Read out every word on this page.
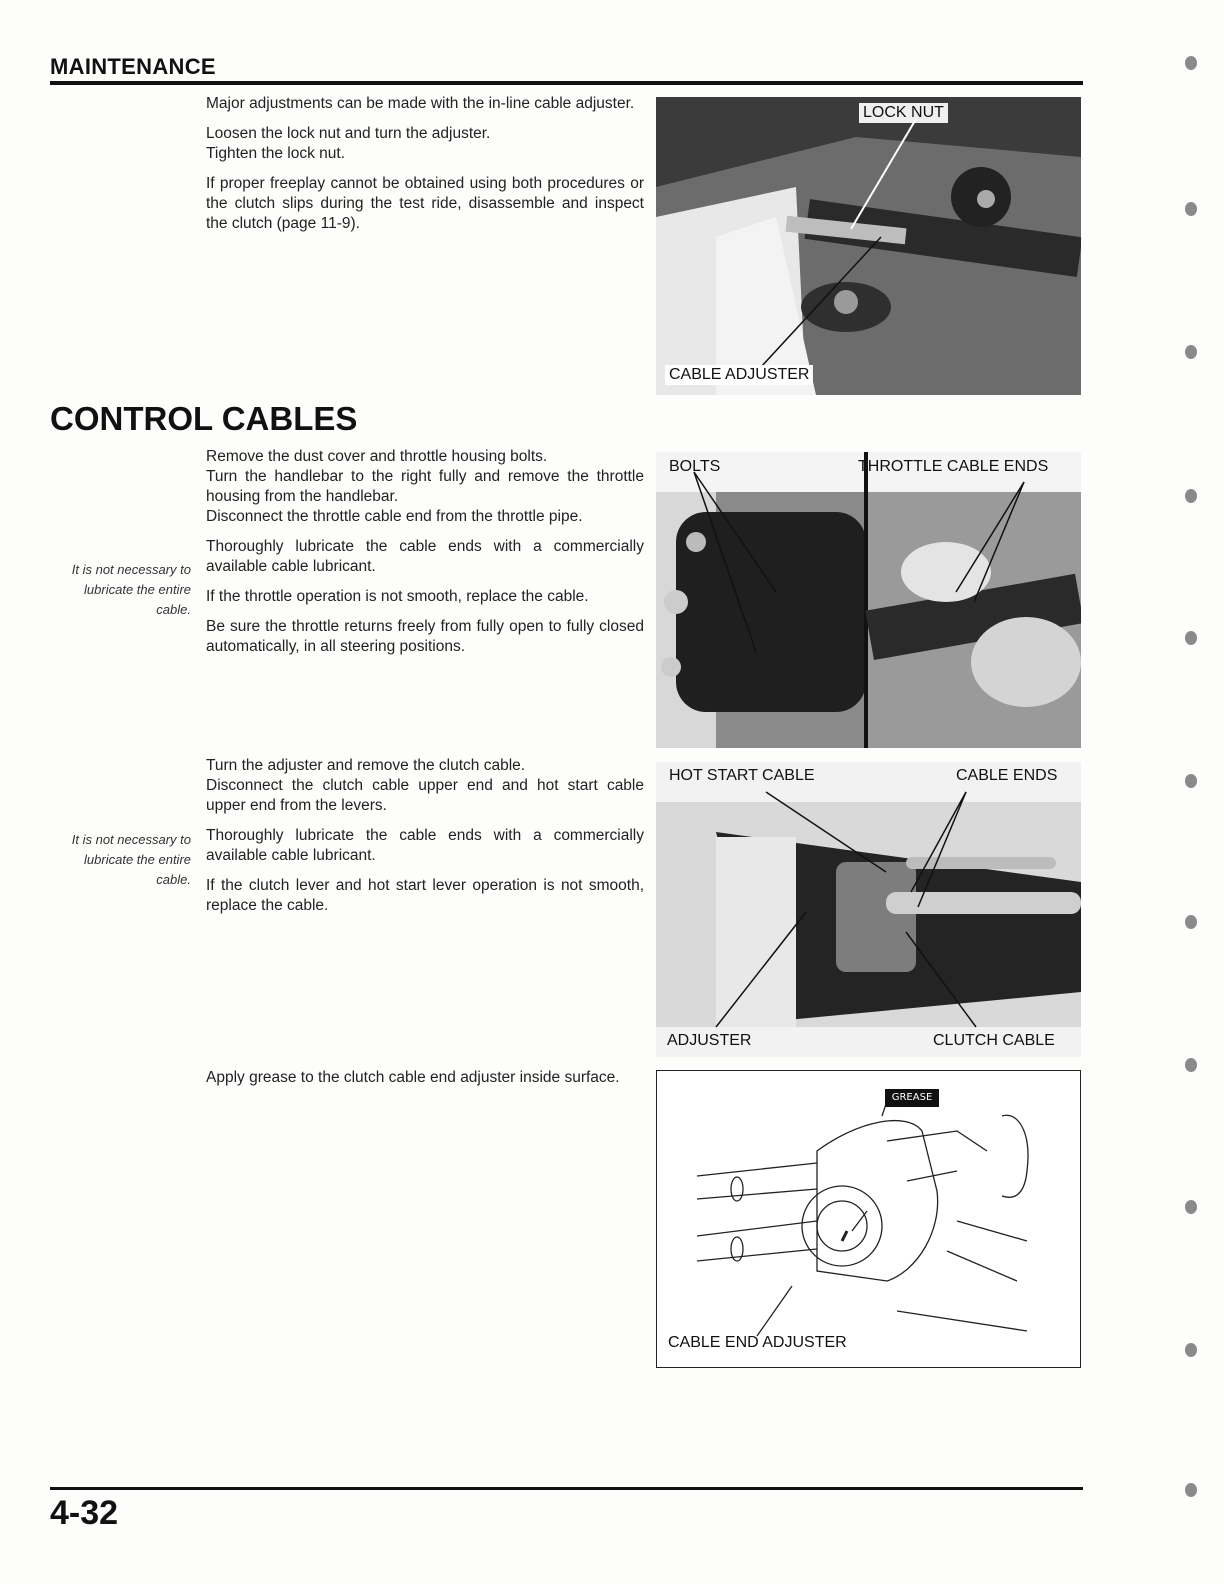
MAINTENANCE

Major adjustments can be made with the in-line cable adjuster.

Loosen the lock nut and turn the adjuster.
Tighten the lock nut.

If proper freeplay cannot be obtained using both procedures or the clutch slips during the test ride, disassemble and inspect the clutch (page 11-9).

LOCK NUT
CABLE ADJUSTER
CONTROL CABLES

Remove the dust cover and throttle housing bolts.
Turn the handlebar to the right fully and remove the throttle housing from the handlebar.
Disconnect the throttle cable end from the throttle pipe.

Thoroughly lubricate the cable ends with a commercially available cable lubricant.

If the throttle operation is not smooth, replace the cable.

Be sure the throttle returns freely from fully open to fully closed automatically, in all steering positions.

It is not necessary to lubricate the entire cable.
BOLTS	THROTTLE CABLE ENDS

Turn the adjuster and remove the clutch cable.
Disconnect the clutch cable upper end and hot start cable upper end from the levers.

Thoroughly lubricate the cable ends with a commercially available cable lubricant.

If the clutch lever and hot start lever operation is not smooth, replace the cable.

It is not necessary to lubricate the entire cable.
HOT START CABLE	CABLE ENDS
ADJUSTER	CLUTCH CABLE

Apply grease to the clutch cable end adjuster inside surface.

GREASE
CABLE END ADJUSTER
4-32
